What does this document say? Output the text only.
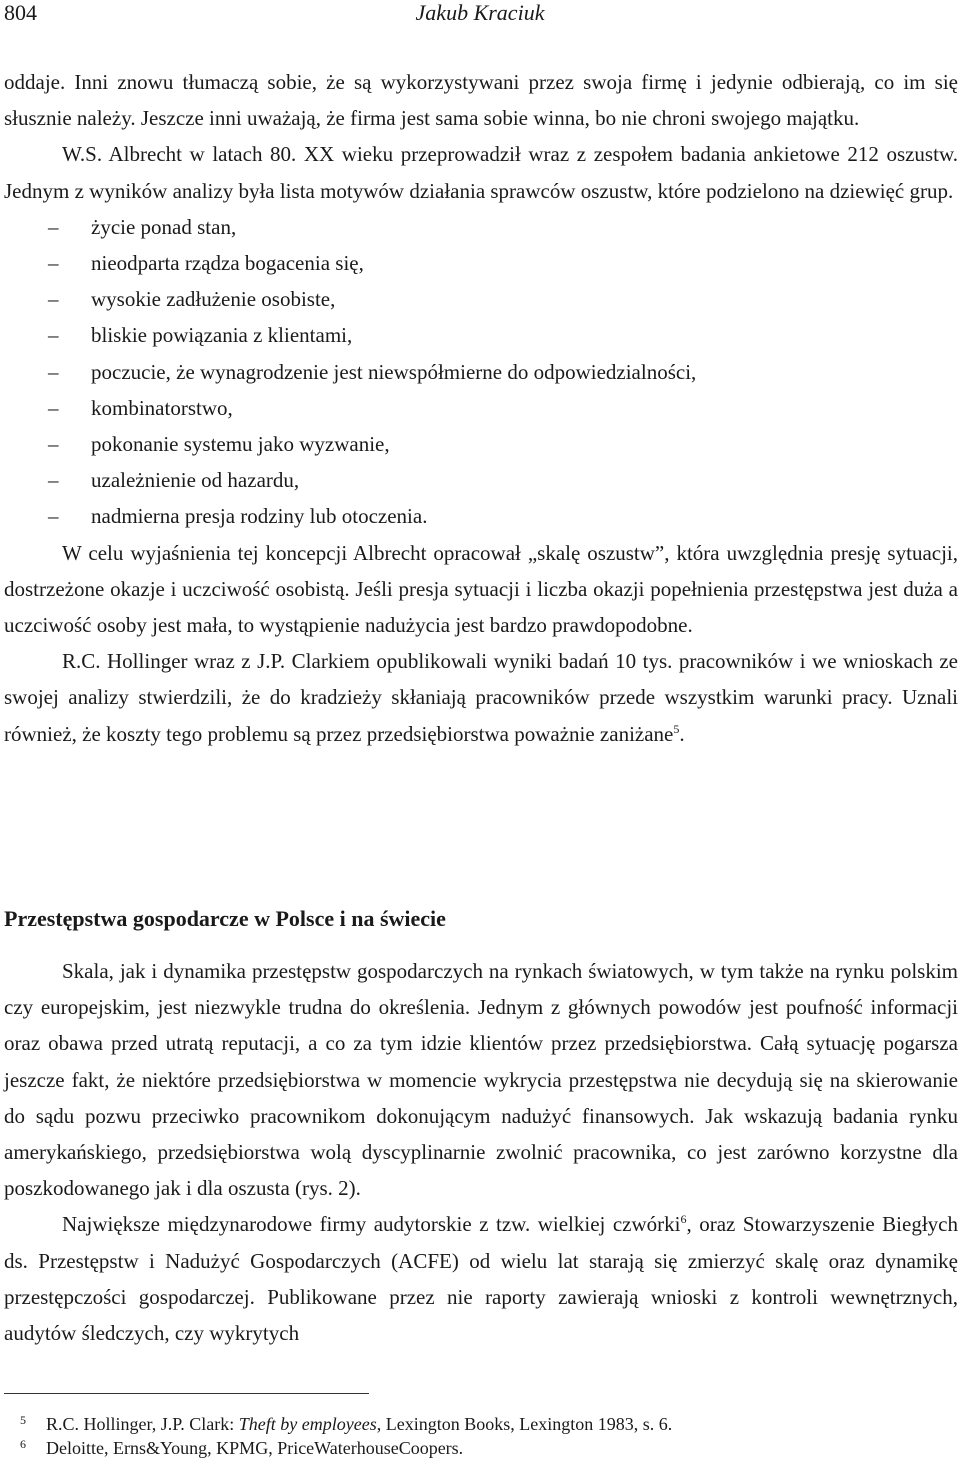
804	Jakub Kraciuk

oddaje. Inni znowu tłumaczą sobie, że są wykorzystywani przez swoja firmę i jedynie odbierają, co im się słusznie należy. Jeszcze inni uważają, że firma jest sama sobie winna, bo nie chroni swojego majątku.

W.S. Albrecht w latach 80. XX wieku przeprowadził wraz z zespołem badania ankietowe 212 oszustw. Jednym z wyników analizy była lista motywów działania sprawców oszustw, które podzielono na dziewięć grup.

– życie ponad stan,
– nieodparta rządza bogacenia się,
– wysokie zadłużenie osobiste,
– bliskie powiązania z klientami,
– poczucie, że wynagrodzenie jest niewspółmierne do odpowiedzialności,
– kombinatorstwo,
– pokonanie systemu jako wyzwanie,
– uzależnienie od hazardu,
– nadmierna presja rodziny lub otoczenia.

W celu wyjaśnienia tej koncepcji Albrecht opracował „skalę oszustw”, która uwzględnia presję sytuacji, dostrzeżone okazje i uczciwość osobistą. Jeśli presja sytuacji i liczba okazji popełnienia przestępstwa jest duża a uczciwość osoby jest mała, to wystąpienie nadużycia jest bardzo prawdopodobne.

R.C. Hollinger wraz z J.P. Clarkiem opublikowali wyniki badań 10 tys. pracowników i we wnioskach ze swojej analizy stwierdzili, że do kradzieży skłaniają pracowników przede wszystkim warunki pracy. Uznali również, że koszty tego problemu są przez przedsiębiorstwa poważnie zaniżane$^5$.

Przestępstwa gospodarcze w Polsce i na świecie

Skala, jak i dynamika przestępstw gospodarczych na rynkach światowych, w tym także na rynku polskim czy europejskim, jest niezwykle trudna do określenia. Jednym z głównych powodów jest poufność informacji oraz obawa przed utratą reputacji, a co za tym idzie klientów przez przedsiębiorstwa. Całą sytuację pogarsza jeszcze fakt, że niektóre przedsiębiorstwa w momencie wykrycia przestępstwa nie decydują się na skierowanie do sądu pozwu przeciwko pracownikom dokonującym nadużyć finansowych. Jak wskazują badania rynku amerykańskiego, przedsiębiorstwa wolą dyscyplinarnie zwolnić pracownika, co jest zarówno korzystne dla poszkodowanego jak i dla oszusta (rys. 2).

Największe międzynarodowe firmy audytorskie z tzw. wielkiej czwórki$^6$, oraz Stowarzyszenie Biegłych ds. Przestępstw i Nadużyć Gospodarczych (ACFE) od wielu lat starają się zmierzyć skalę oraz dynamikę przestępczości gospodarczej. Publikowane przez nie raporty zawierają wnioski z kontroli wewnętrznych, audytów śledczych, czy wykrytych

5 R.C. Hollinger, J.P. Clark: Theft by employees, Lexington Books, Lexington 1983, s. 6.
6 Deloitte, Erns&Young, KPMG, PriceWaterhouseCoopers.
